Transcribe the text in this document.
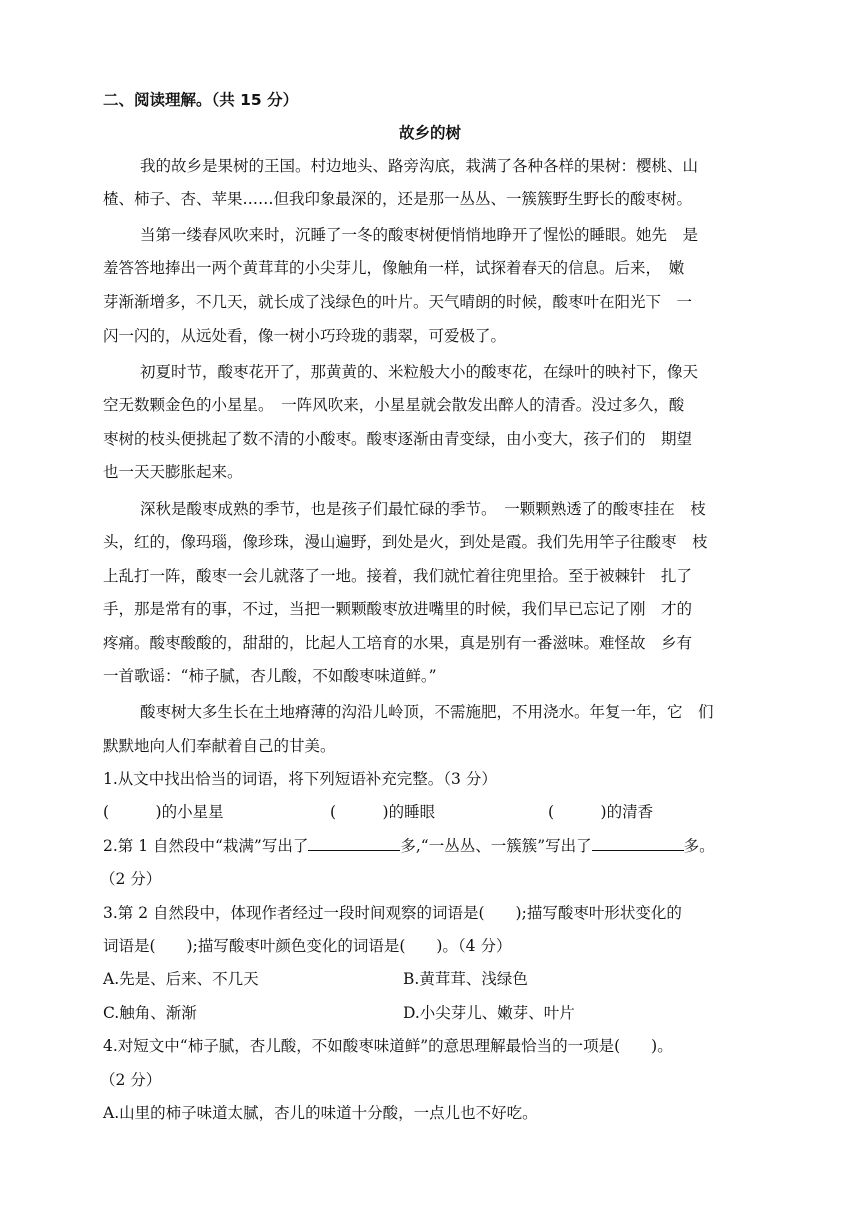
二、阅读理解。（共 15 分）
故乡的树
我的故乡是果树的王国。村边地头、路旁沟底，栽满了各种各样的果树：樱桃、山
楂、柿子、杏、苹果……但我印象最深的，还是那一丛丛、一簇簇野生野长的酸枣树。
当第一缕春风吹来时，沉睡了一冬的酸枣树便悄悄地睁开了惺忪的睡眼。她先　是
羞答答地捧出一两个黄茸茸的小尖芽儿，像触角一样，试探着春天的信息。后来，　嫩
芽渐渐增多，不几天，就长成了浅绿色的叶片。天气晴朗的时候，酸枣叶在阳光下　一
闪一闪的，从远处看，像一树小巧玲珑的翡翠，可爱极了。
初夏时节，酸枣花开了，那黄黄的、米粒般大小的酸枣花，在绿叶的映衬下，像天
空无数颗金色的小星星。　一阵风吹来，小星星就会散发出醉人的清香。没过多久，酸
枣树的枝头便挑起了数不清的小酸枣。酸枣逐渐由青变绿，由小变大，孩子们的　期望
也一天天膨胀起来。
深秋是酸枣成熟的季节，也是孩子们最忙碌的季节。　一颗颗熟透了的酸枣挂在　枝
头，红的，像玛瑙，像珍珠，漫山遍野，到处是火，到处是霞。我们先用竿子往酸枣　枝
上乱打一阵，酸枣一会儿就落了一地。接着，我们就忙着往兜里拾。至于被棘针　扎了
手，那是常有的事，不过，当把一颗颗酸枣放进嘴里的时候，我们早已忘记了刚　才的
疼痛。酸枣酸酸的，甜甜的，比起人工培育的水果，真是别有一番滋味。难怪故　乡有
一首歌谣：“柿子腻，杏儿酸，不如酸枣味道鲜。”
酸枣树大多生长在土地瘠薄的沟沿儿岭顶，不需施肥，不用浇水。年复一年，它　们
默默地向人们奉献着自己的甘美。
1.从文中找出恰当的词语，将下列短语补充完整。（3 分）
(　　　)的小星星	(　　　)的睡眼	(　　　)的清香
2.第 1 自然段中“栽满”写出了	多,“一丛丛、一簇簇”写出了	多。
（2 分）
3.第 2 自然段中，体现作者经过一段时间观察的词语是(　　);描写酸枣叶形状变化的
词语是(　　);描写酸枣叶颜色变化的词语是(　　)。（4 分）
A.先是、后来、不几天	B.黄茸茸、浅绿色
C.触角、渐渐	D.小尖芽儿、嫩芽、叶片
4.对短文中“柿子腻，杏儿酸，不如酸枣味道鲜”的意思理解最恰当的一项是(　　)。
（2 分）
A.山里的柿子味道太腻，杏儿的味道十分酸，一点儿也不好吃。
